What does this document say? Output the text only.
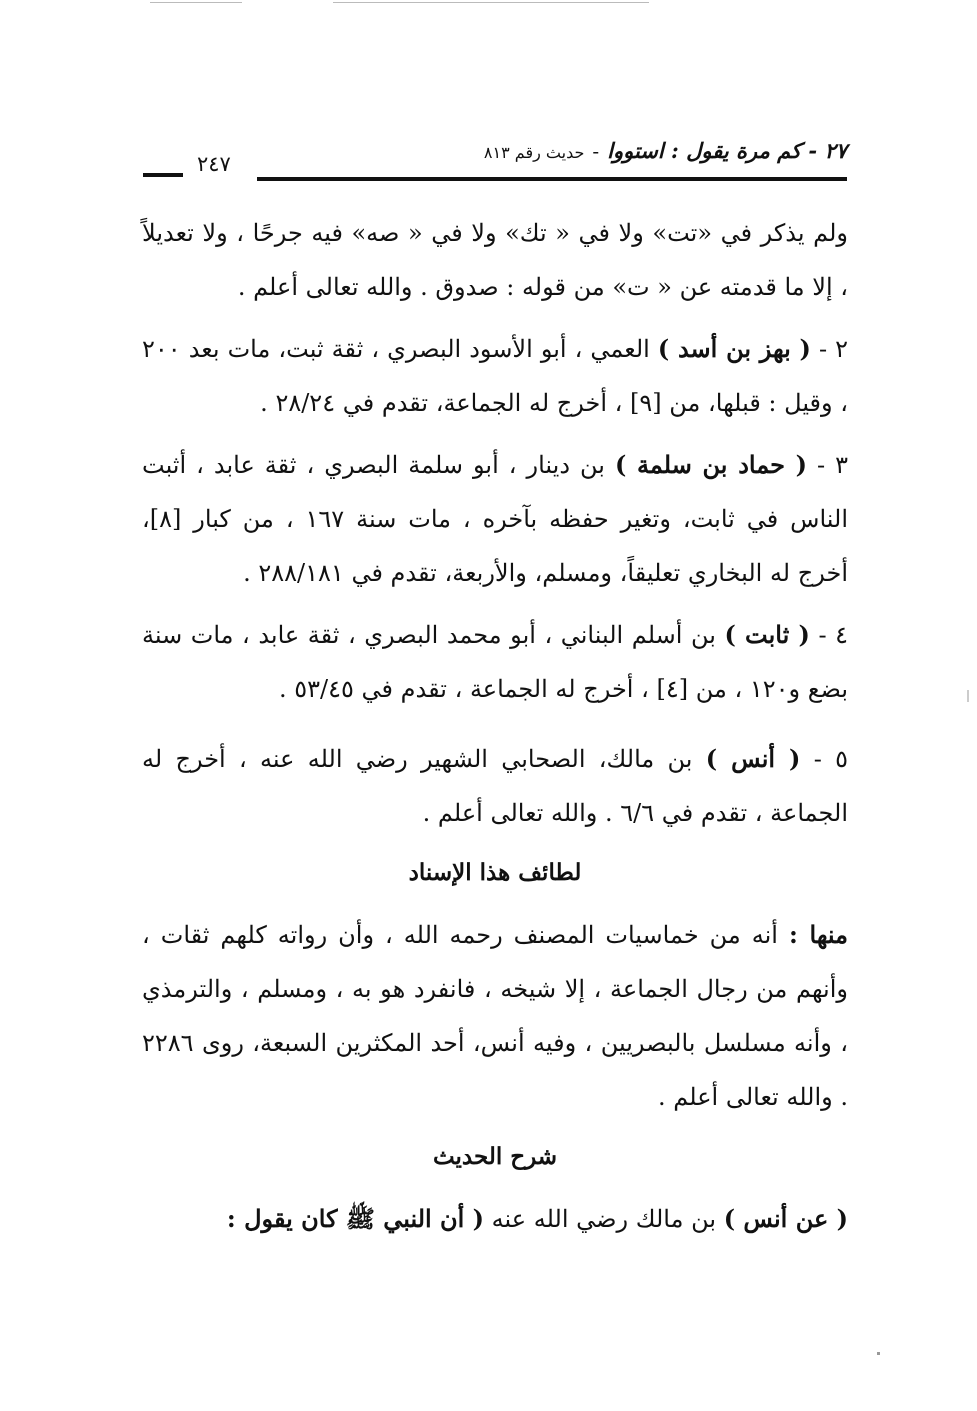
٢٧ - كم مرة يقول : استووا-حديث رقم ٨١٣
٢٤٧

ولم يذكر في «تت» ولا في « تك» ولا في « صه» فيه جرحًا ، ولا تعديلاً ، إلا ما قدمته عن « ت» من قوله : صدوق . والله تعالى أعلم .

٢ - ( بهز بن أسد ) العمي ، أبو الأسود البصري ، ثقة ثبت، مات بعد ٢٠٠ ، وقيل : قبلها، من [٩] ، أخرج له الجماعة، تقدم في ٢٨/٢٤ .

٣ - ( حماد بن سلمة ) بن دينار ، أبو سلمة البصري ، ثقة عابد ، أثبت الناس في ثابت، وتغير حفظه بآخره ، مات سنة ١٦٧ ، من كبار [٨]، أخرج له البخاري تعليقاً، ومسلم، والأربعة، تقدم في ٢٨٨/١٨١ .

٤ - ( ثابت ) بن أسلم البناني ، أبو محمد البصري ، ثقة عابد ، مات سنة بضع و١٢٠ ، من [٤] ، أخرج له الجماعة ، تقدم في ٥٣/٤٥ .

٥ - ( أنس ) بن مالك، الصحابي الشهير رضي الله عنه ، أخرج له الجماعة ، تقدم في ٦/٦ . والله تعالى أعلم .

لطائف هذا الإسناد

منها : أنه من خماسيات المصنف رحمه الله ، وأن رواته كلهم ثقات ، وأنهم من رجال الجماعة ، إلا شيخه ، فانفرد هو به ، ومسلم ، والترمذي ، وأنه مسلسل بالبصريين ، وفيه أنس، أحد المكثرين السبعة، روى ٢٢٨٦ . والله تعالى أعلم .

شرح الحديث

( عن أنس ) بن مالك رضي الله عنه ( أن النبي ﷺ كان يقول :
